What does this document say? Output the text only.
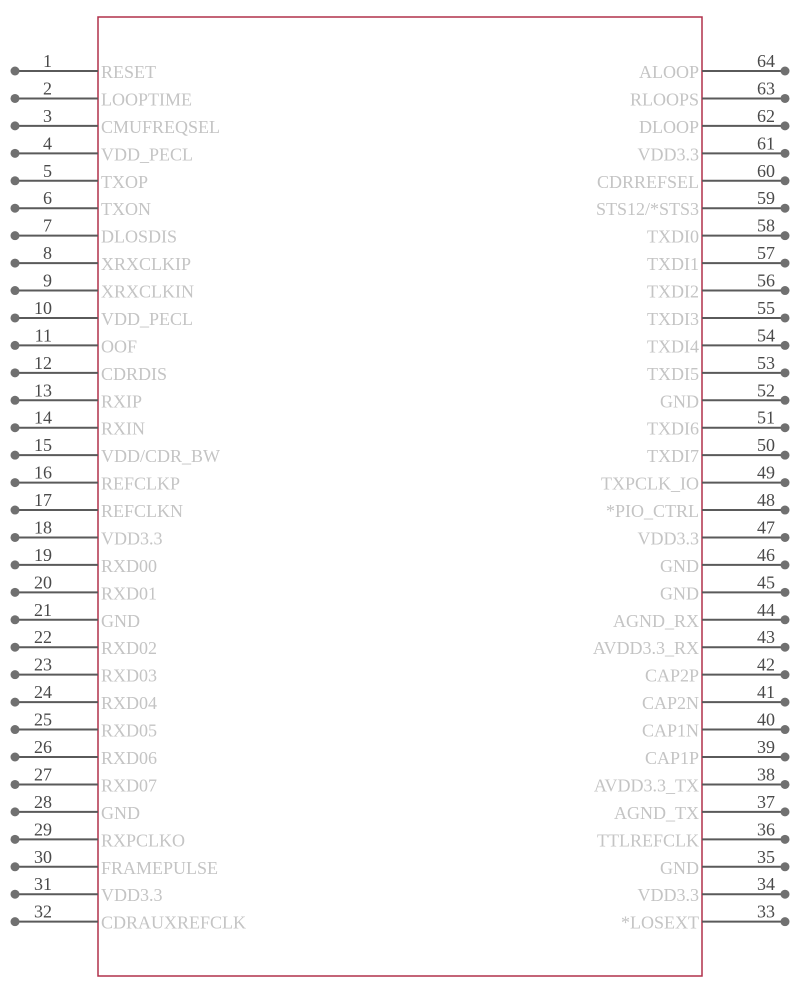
1
RESET
2
LOOPTIME
3
CMUFREQSEL
4
VDD_PECL
5
TXOP
6
TXON
7
DLOSDIS
8
XRXCLKIP
9
XRXCLKIN
10
VDD_PECL
11
OOF
12
CDRDIS
13
RXIP
14
RXIN
15
VDD/CDR_BW
16
REFCLKP
17
REFCLKN
18
VDD3.3
19
RXD00
20
RXD01
21
GND
22
RXD02
23
RXD03
24
RXD04
25
RXD05
26
RXD06
27
RXD07
28
GND
29
RXPCLKO
30
FRAMEPULSE
31
VDD3.3
32
CDRAUXREFCLK
64
ALOOP
63
RLOOPS
62
DLOOP
61
VDD3.3
60
CDRREFSEL
59
STS12/*STS3
58
TXDI0
57
TXDI1
56
TXDI2
55
TXDI3
54
TXDI4
53
TXDI5
52
GND
51
TXDI6
50
TXDI7
49
TXPCLK_IO
48
*PIO_CTRL
47
VDD3.3
46
GND
45
GND
44
AGND_RX
43
AVDD3.3_RX
42
CAP2P
41
CAP2N
40
CAP1N
39
CAP1P
38
AVDD3.3_TX
37
AGND_TX
36
TTLREFCLK
35
GND
34
VDD3.3
33
*LOSEXT
